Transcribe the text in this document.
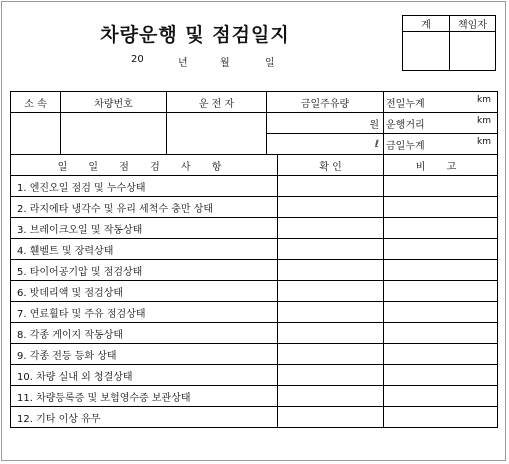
차량운행 및 점검일지
20	년	월	일
계	책임자

소 속	차량번호	운 전 자	금일주유량		전일누계 km

			원		운행거리 km

			ℓ		금일누계 km

일 일 점 검 사 항				확 인	비 고
1. 엔진오일 점검 및 누수상태					
2. 라지에타 냉각수 및 유리 세척수 충만 상태					
3. 브레이크오일 및 작동상태					
4. 휀벨트 및 장력상태					
5. 타이어공기압 및 점검상태					
6. 밧데리액 및 점검상태					
7. 연료휠타 및 주유 점검상태					
8. 각종 게이지 작동상태					
9. 각종 전등 등화 상태					
10. 차량 실내 외 청결상태					
11. 차량등록증 및 보험영수증 보관상태					
12. 기타 이상 유무					
